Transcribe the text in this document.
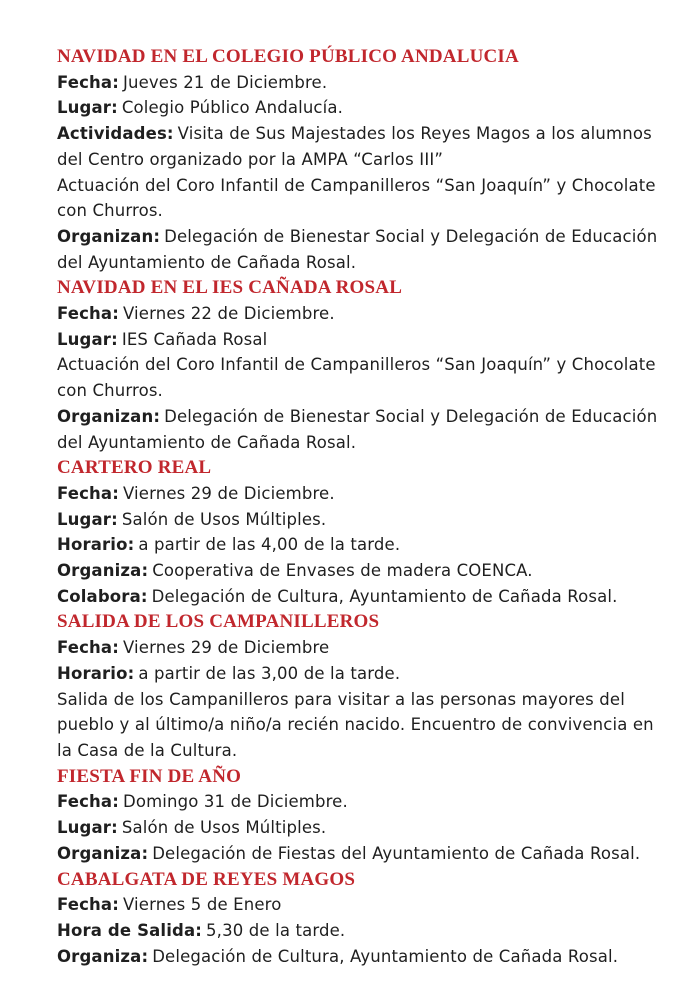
NAVIDAD EN EL COLEGIO PÚBLICO ANDALUCIA

Fecha: Jueves 21 de Diciembre.

Lugar: Colegio Público Andalucía.

Actividades: Visita de Sus Majestades los Reyes Magos a los alumnos del Centro organizado por la AMPA “Carlos III”

Actuación del Coro Infantil de Campanilleros “San Joaquín” y Chocolate con Churros.

Organizan: Delegación de Bienestar Social y Delegación de Educación del Ayuntamiento de Cañada Rosal.

NAVIDAD EN EL IES CAÑADA ROSAL

Fecha: Viernes 22 de Diciembre.

Lugar: IES Cañada Rosal

Actuación del Coro Infantil de Campanilleros “San Joaquín” y Chocolate con Churros.

Organizan: Delegación de Bienestar Social y Delegación de Educación del Ayuntamiento de Cañada Rosal.

CARTERO REAL

Fecha: Viernes 29 de Diciembre.

Lugar: Salón de Usos Múltiples.

Horario: a partir de las 4,00 de la tarde.

Organiza: Cooperativa de Envases de madera COENCA.

Colabora: Delegación de Cultura, Ayuntamiento de Cañada Rosal.

SALIDA DE LOS CAMPANILLEROS

Fecha: Viernes 29 de Diciembre

Horario: a partir de las 3,00 de la tarde.

Salida de los Campanilleros para visitar a las personas mayores del pueblo y al último/a niño/a recién nacido. Encuentro de convivencia en la Casa de la Cultura.

FIESTA FIN DE AÑO

Fecha: Domingo 31 de Diciembre.

Lugar: Salón de Usos Múltiples.

Organiza: Delegación de Fiestas del Ayuntamiento de Cañada Rosal.

CABALGATA DE REYES MAGOS

Fecha: Viernes 5 de Enero

Hora de Salida: 5,30 de la tarde.

Organiza: Delegación de Cultura, Ayuntamiento de Cañada Rosal.
